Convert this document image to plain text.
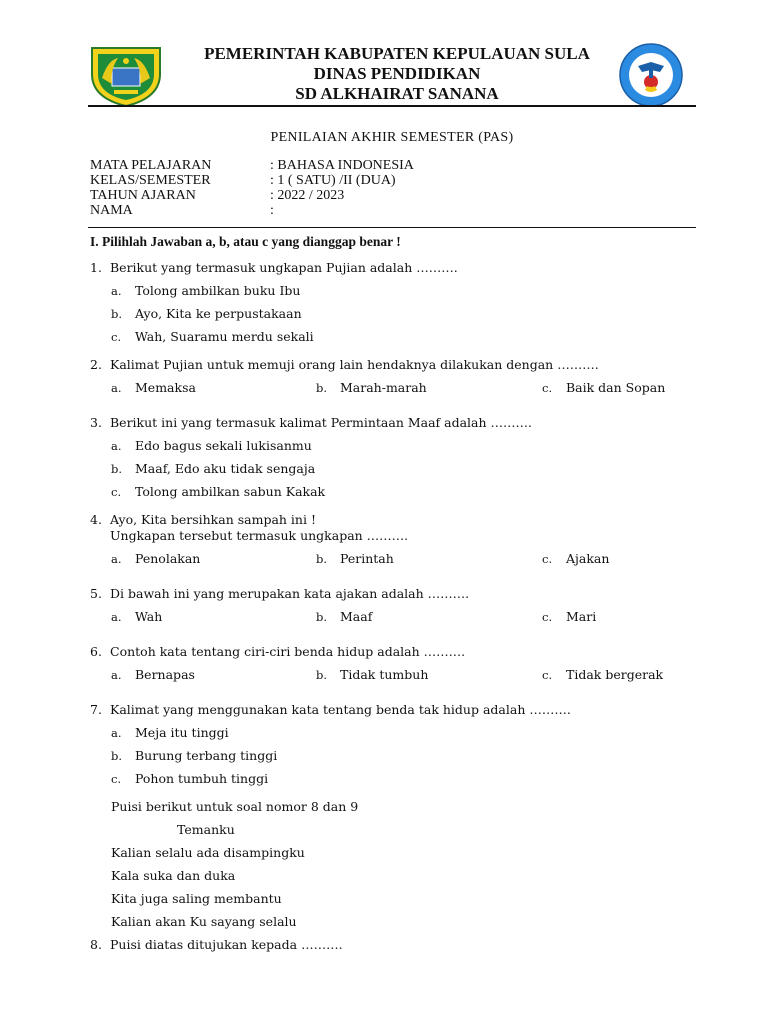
PEMERINTAH KABUPATEN KEPULAUAN SULA
DINAS PENDIDIKAN
SD ALKHAIRAT SANANA
PENILAIAN AKHIR SEMESTER (PAS)
MATA PELAJARAN	: BAHASA INDONESIA
KELAS/SEMESTER	: 1 ( SATU) /II (DUA)
TAHUN AJARAN	: 2022 / 2023
NAMA	:
I. Pilihlah Jawaban a, b, atau c yang dianggap benar !
1. Berikut yang termasuk ungkapan Pujian adalah ……….
a.	Tolong ambilkan buku Ibu
b.	Ayo, Kita ke perpustakaan
c.	Wah, Suaramu merdu sekali
2. Kalimat Pujian untuk memuji orang lain hendaknya dilakukan dengan ……….
a.	Memaksa	b.	Marah-marah	c.	Baik dan Sopan
3. Berikut ini yang termasuk kalimat Permintaan Maaf adalah ……….
a.	Edo bagus sekali lukisanmu
b.	Maaf, Edo aku tidak sengaja
c.	Tolong ambilkan sabun Kakak
4. Ayo, Kita bersihkan sampah ini !
Ungkapan tersebut termasuk ungkapan ……….
a.	Penolakan	b.	Perintah	c.	Ajakan
5. Di bawah ini yang merupakan kata ajakan adalah ……….
a.	Wah	b.	Maaf	c.	Mari
6. Contoh kata tentang ciri-ciri benda hidup adalah ……….
a.	Bernapas	b.	Tidak tumbuh	c.	Tidak bergerak
7. Kalimat yang menggunakan kata tentang benda tak hidup adalah ……….
a.	Meja itu tinggi
b.	Burung terbang tinggi
c.	Pohon tumbuh tinggi
Puisi berikut untuk soal nomor 8 dan 9
Temanku
Kalian selalu ada disampingku
Kala suka dan duka
Kita juga saling membantu
Kalian akan Ku sayang selalu
8. Puisi diatas ditujukan kepada ……….
